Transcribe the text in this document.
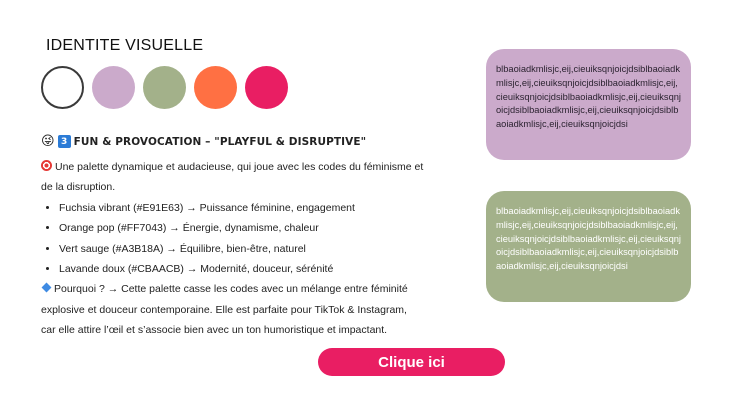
IDENTITE VISUELLE
😜 3 FUN & PROVOCATION – "PLAYFUL & DISRUPTIVE"

Une palette dynamique et audacieuse, qui joue avec les codes du féminisme et
de la disruption.

• Fuchsia vibrant (#E91E63) → Puissance féminine, engagement
• Orange pop (#FF7043) → Énergie, dynamisme, chaleur
• Vert sauge (#A3B18A) → Équilibre, bien-être, naturel
• Lavande doux (#CBAACB) → Modernité, douceur, sérénité

Pourquoi ? → Cette palette casse les codes avec un mélange entre féminité
explosive et douceur contemporaine. Elle est parfaite pour TikTok & Instagram,
car elle attire l’œil et s’associe bien avec un ton humoristique et impactant.

blbaoiadkmlisjc,eij,cieuiksqnjoicjdsiblbaoiadkmlisjc,eij,cieuiksqnjoicjdsiblbaoiadkmlisjc,eij,cieuiksqnjoicjdsiblbaoiadkmlisjc,eij,cieuiksqnjoicjdsiblbaoiadkmlisjc,eij,cieuiksqnjoicjdsiblbaoiadkmlisjc,eij,cieuiksqnjoicjdsi
blbaoiadkmlisjc,eij,cieuiksqnjoicjdsiblbaoiadkmlisjc,eij,cieuiksqnjoicjdsiblbaoiadkmlisjc,eij,cieuiksqnjoicjdsiblbaoiadkmlisjc,eij,cieuiksqnjoicjdsiblbaoiadkmlisjc,eij,cieuiksqnjoicjdsiblbaoiadkmlisjc,eij,cieuiksqnjoicjdsi
Clique ici
